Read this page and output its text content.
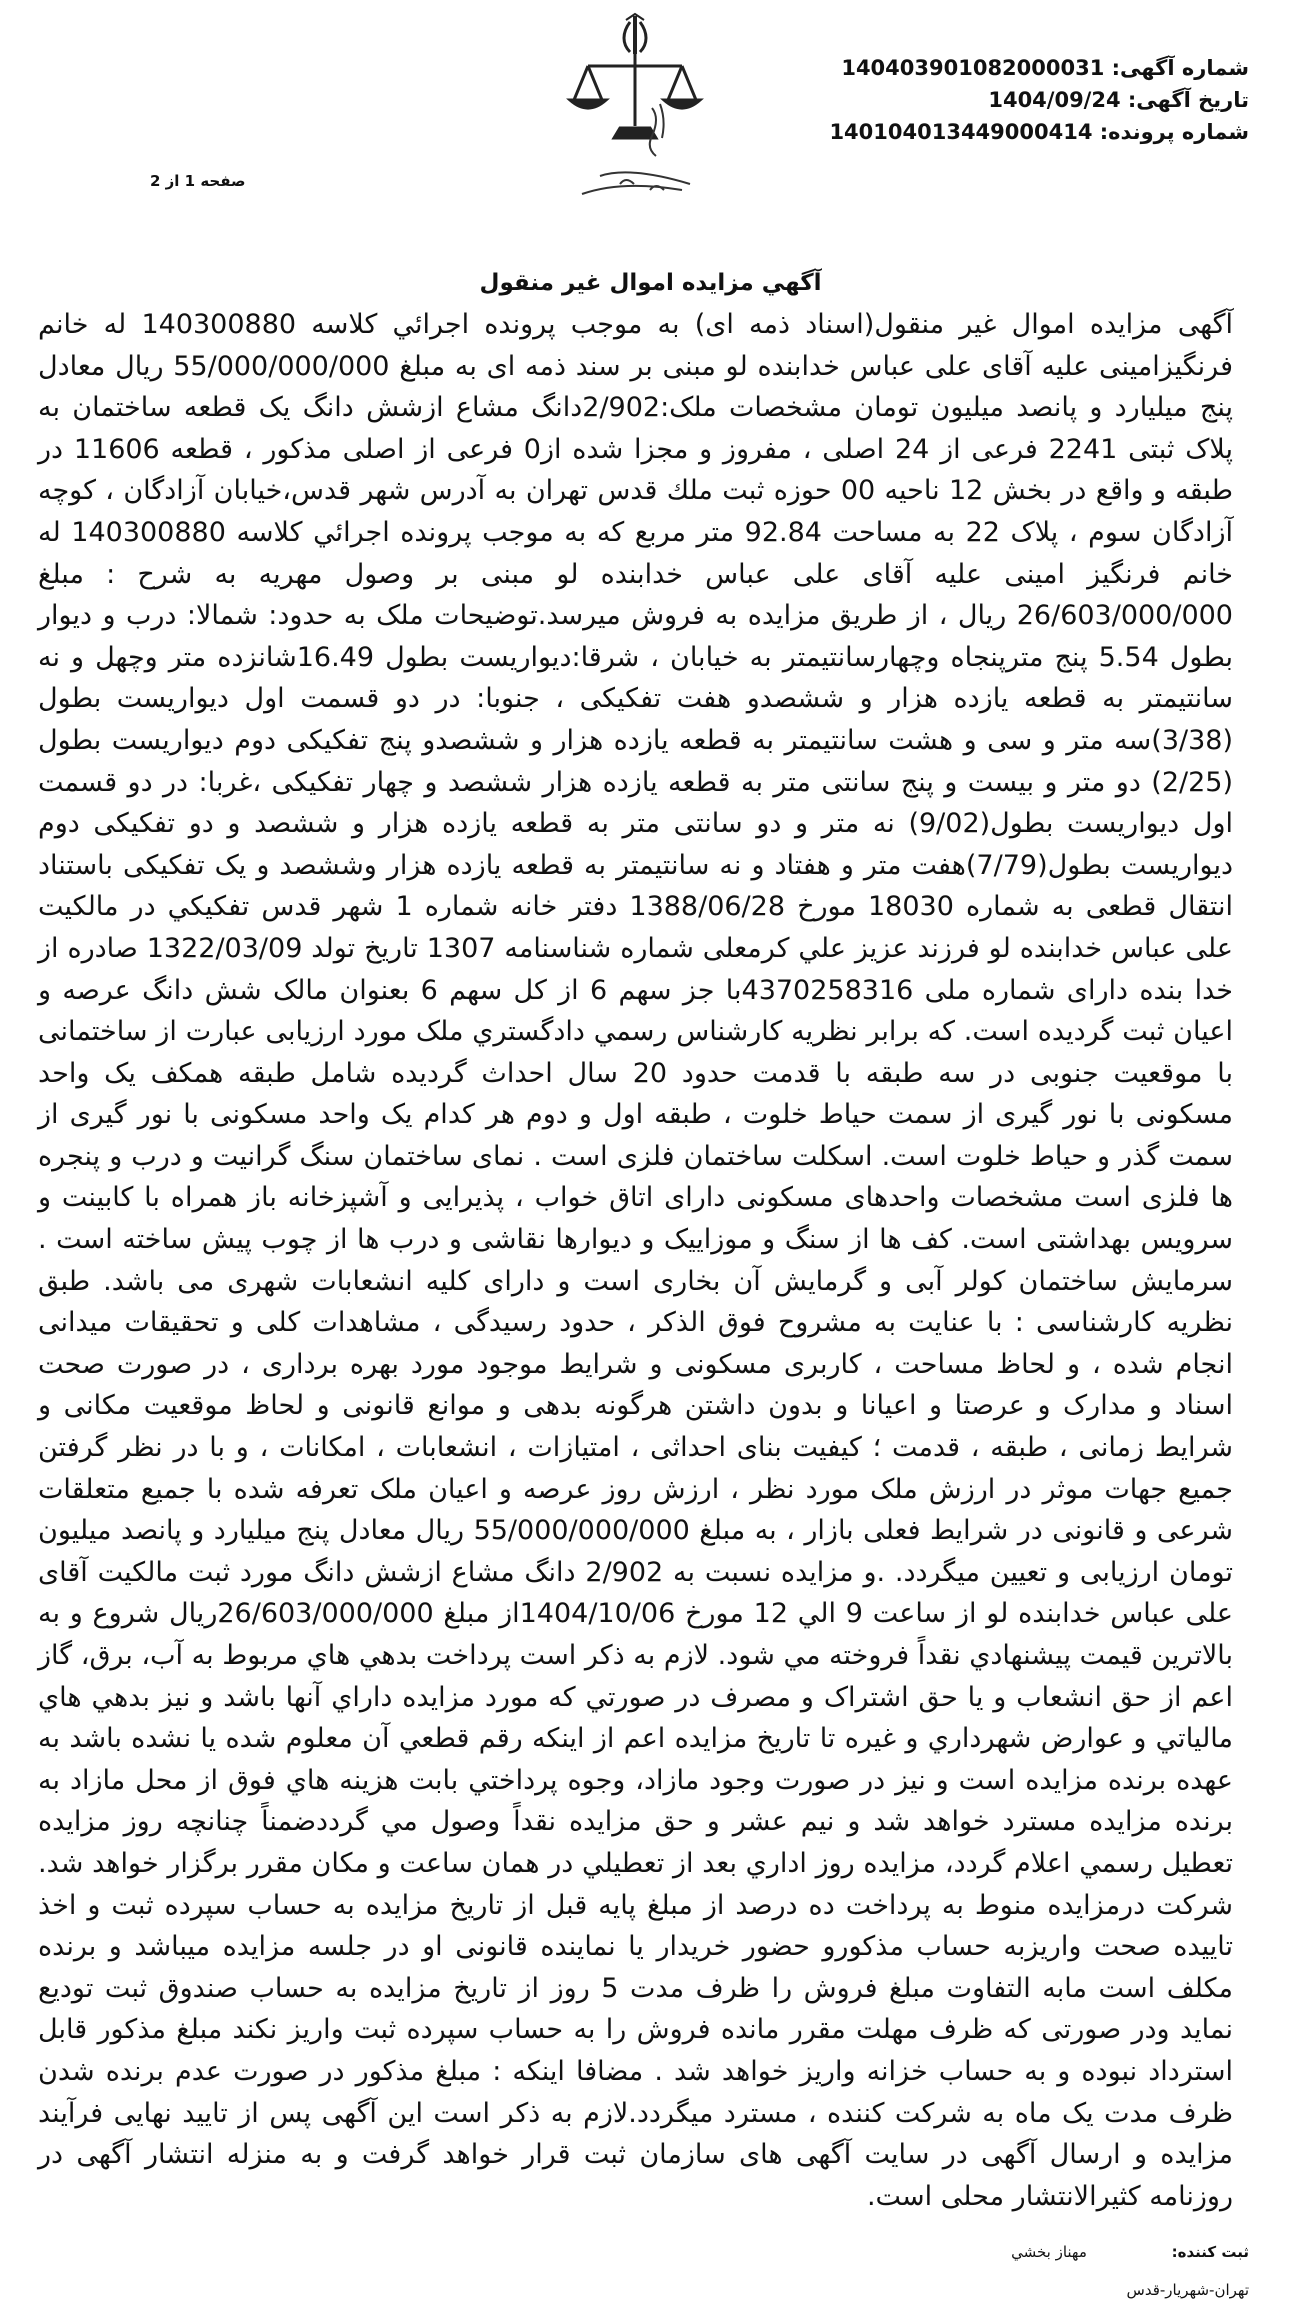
شماره آگهی: 140403901082000031
تاریخ آگهی: 1404/09/24
شماره پرونده: 140104013449000414
صفحه 1 از 2
آگهي مزايده اموال غير منقول

آگهی مزایده اموال غیر منقول(اسناد ذمه ای) به موجب پرونده اجرائي كلاسه 140300880 له خانم فرنگيزامينی عليه آقای علی عباس خدابنده لو مبنی بر سند ذمه ای به مبلغ 55/000/000/000 ريال معادل پنج ميليارد و پانصد ميليون تومان مشخصات ملک:2/902دانگ مشاع ازشش دانگ يک قطعه ساختمان به پلاک ثبتی 2241 فرعی از 24 اصلی ، مفروز و مجزا شده از0 فرعی از اصلی مذكور ، قطعه 11606 در طبقه و واقع در بخش 12 ناحيه 00 حوزه ثبت ملك قدس تهران به آدرس شهر قدس،خيابان آزادگان ، كوچه آزادگان سوم ، پلاک 22 به مساحت 92.84 متر مربع كه به موجب پرونده اجرائي كلاسه 140300880 له خانم فرنگيز امينی عليه آقای علی عباس خدابنده لو مبنی بر وصول مهريه به شرح : مبلغ 26/603/000/000 ريال ، از طريق مزايده به فروش ميرسد.توضيحات ملک به حدود: شمالا: درب و ديوار بطول 5.54 پنج مترپنجاه وچهارسانتيمتر به خيابان ، شرقا:ديواريست بطول 16.49شانزده متر وچهل و نه سانتيمتر به قطعه يازده هزار و ششصدو هفت تفكيكی ، جنوبا: در دو قسمت اول ديواريست بطول (3/38)سه متر و سی و هشت سانتيمتر به قطعه يازده هزار و ششصدو پنج تفكيكی دوم ديواريست بطول (2/25) دو متر و بيست و پنج سانتی متر به قطعه يازده هزار ششصد و چهار تفكيكی ،غربا: در دو قسمت اول ديواريست بطول(9/02) نه متر و دو سانتی متر به قطعه يازده هزار و ششصد و دو تفكيكی دوم ديواريست بطول(7/79)هفت متر و هفتاد و نه سانتيمتر به قطعه يازده هزار وششصد و يک تفكيكی باستناد انتقال قطعی به شماره 18030 مورخ 1388/06/28 دفتر خانه شماره 1 شهر قدس تفكيكي در مالكيت علی عباس خدابنده لو فرزند عزيز علي كرمعلی شماره شناسنامه 1307 تاريخ تولد 1322/03/09 صادره از خدا بنده دارای شماره ملی 4370258316با جز سهم 6 از كل سهم 6 بعنوان مالک شش دانگ عرصه و اعيان ثبت گرديده است. كه برابر نظريه كارشناس رسمي دادگستري ملک مورد ارزيابی عبارت از ساختمانی با موقعيت جنوبی در سه طبقه با قدمت حدود 20 سال احداث گرديده شامل طبقه همكف يک واحد مسكونی با نور گيری از سمت حياط خلوت ، طبقه اول و دوم هر كدام يک واحد مسكونی با نور گيری از سمت گذر و حياط خلوت است. اسكلت ساختمان فلزی است . نمای ساختمان سنگ گرانيت و درب و پنجره ها فلزی است مشخصات واحدهای مسكونی دارای اتاق خواب ، پذيرايی و آشپزخانه باز همراه با كابينت و سرويس بهداشتی است. كف ها از سنگ و موزاييک و ديوارها نقاشی و درب ها از چوب پيش ساخته است . سرمايش ساختمان كولر آبی و گرمايش آن بخاری است و دارای كليه انشعابات شهری می باشد. طبق نظريه كارشناسی : با عنايت به مشروح فوق الذكر ، حدود رسيدگی ، مشاهدات كلی و تحقيقات ميدانی انجام شده ، و لحاظ مساحت ، كاربری مسكونی و شرايط موجود مورد بهره برداری ، در صورت صحت اسناد و مدارک و عرصتا و اعيانا و بدون داشتن هرگونه بدهی و موانع قانونی و لحاظ موقعيت مكانی و شرايط زمانی ، طبقه ، قدمت ؛ كيفيت بنای احداثی ، امتيازات ، انشعابات ، امكانات ، و با در نظر گرفتن جميع جهات موثر در ارزش ملک مورد نظر ، ارزش روز عرصه و اعيان ملک تعرفه شده با جميع متعلقات شرعی و قانونی در شرايط فعلی بازار ، به مبلغ 55/000/000/000 ريال معادل پنج ميليارد و پانصد ميليون تومان ارزيابی و تعيين ميگردد. .و مزايده نسبت به 2/902 دانگ مشاع ازشش دانگ مورد ثبت مالكيت آقای علی عباس خدابنده لو از ساعت 9 الي 12 مورخ 1404/10/06از مبلغ 26/603/000/000ريال شروع و به بالاترين قيمت پيشنهادي نقداً فروخته مي شود. لازم به ذكر است پرداخت بدهي هاي مربوط به آب، برق، گاز اعم از حق انشعاب و يا حق اشتراک و مصرف در صورتي كه مورد مزايده داراي آنها باشد و نيز بدهي هاي مالياتي و عوارض شهرداري و غيره تا تاريخ مزايده اعم از اينكه رقم قطعي آن معلوم شده يا نشده باشد به عهده برنده مزايده است و نيز در صورت وجود مازاد، وجوه پرداختي بابت هزينه هاي فوق از محل مازاد به برنده مزايده مسترد خواهد شد و نيم عشر و حق مزايده نقداً وصول مي گرددضمناً چنانچه روز مزايده تعطيل رسمي اعلام گردد، مزايده روز اداري بعد از تعطيلي در همان ساعت و مكان مقرر برگزار خواهد شد. شركت درمزايده منوط به پرداخت ده درصد از مبلغ پايه قبل از تاريخ مزايده به حساب سپرده ثبت و اخذ تاييده صحت واريزبه حساب مذكورو حضور خريدار يا نماينده قانونی او در جلسه مزايده ميباشد و برنده مكلف است مابه التفاوت مبلغ فروش را ظرف مدت 5 روز از تاريخ مزايده به حساب صندوق ثبت توديع نمايد ودر صورتی كه ظرف مهلت مقرر مانده فروش را به حساب سپرده ثبت واريز نكند مبلغ مذكور قابل استرداد نبوده و به حساب خزانه واريز خواهد شد . مضافا اينكه : مبلغ مذكور در صورت عدم برنده شدن ظرف مدت يک ماه به شركت كننده ، مسترد ميگردد.لازم به ذكر است اين آگهی پس از تاييد نهايی فرآيند مزايده و ارسال آگهی در سايت آگهی های سازمان ثبت قرار خواهد گرفت و به منزله انتشار آگهی در روزنامه كثيرالانتشار محلی است.

ثبت کننده: مهناز بخشي
تهران-شهريار-قدس
